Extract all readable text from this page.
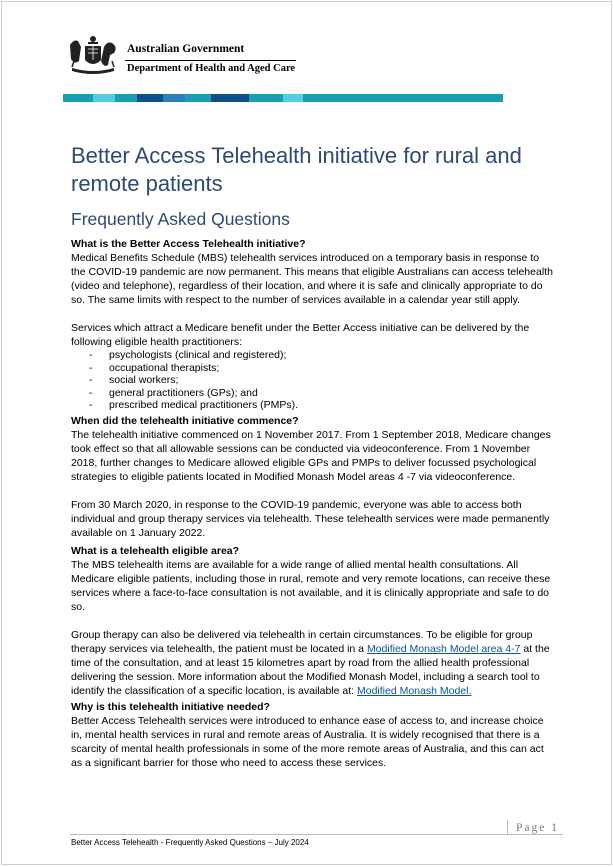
Australian Government
Department of Health and Aged Care
Better Access Telehealth initiative for rural and remote patients
Frequently Asked Questions
What is the Better Access Telehealth initiative?

Medical Benefits Schedule (MBS) telehealth services introduced on a temporary basis in response to the COVID-19 pandemic are now permanent. This means that eligible Australians can access telehealth (video and telephone), regardless of their location, and where it is safe and clinically appropriate to do so. The same limits with respect to the number of services available in a calendar year still apply.

Services which attract a Medicare benefit under the Better Access initiative can be delivered by the following eligible health practitioners:

- psychologists (clinical and registered);
- occupational therapists;
- social workers;
- general practitioners (GPs); and
- prescribed medical practitioners (PMPs).
When did the telehealth initiative commence?

The telehealth initiative commenced on 1 November 2017. From 1 September 2018, Medicare changes took effect so that all allowable sessions can be conducted via videoconference. From 1 November 2018, further changes to Medicare allowed eligible GPs and PMPs to deliver focussed psychological strategies to eligible patients located in Modified Monash Model areas 4 -7 via videoconference.

From 30 March 2020, in response to the COVID-19 pandemic, everyone was able to access both individual and group therapy services via telehealth. These telehealth services were made permanently available on 1 January 2022.

What is a telehealth eligible area?

The MBS telehealth items are available for a wide range of allied mental health consultations. All Medicare eligible patients, including those in rural, remote and very remote locations, can receive these services where a face-to-face consultation is not available, and it is clinically appropriate and safe to do so.

Group therapy can also be delivered via telehealth in certain circumstances. To be eligible for group therapy services via telehealth, the patient must be located in a Modified Monash Model area 4-7 at the time of the consultation, and at least 15 kilometres apart by road from the allied health professional delivering the session. More information about the Modified Monash Model, including a search tool to identify the classification of a specific location, is available at: Modified Monash Model.

Why is this telehealth initiative needed?

Better Access Telehealth services were introduced to enhance ease of access to, and increase choice in, mental health services in rural and remote areas of Australia. It is widely recognised that there is a scarcity of mental health professionals in some of the more remote areas of Australia, and this can act as a significant barrier for those who need to access these services.

Page 1
Better Access Telehealth - Frequently Asked Questions – July 2024
